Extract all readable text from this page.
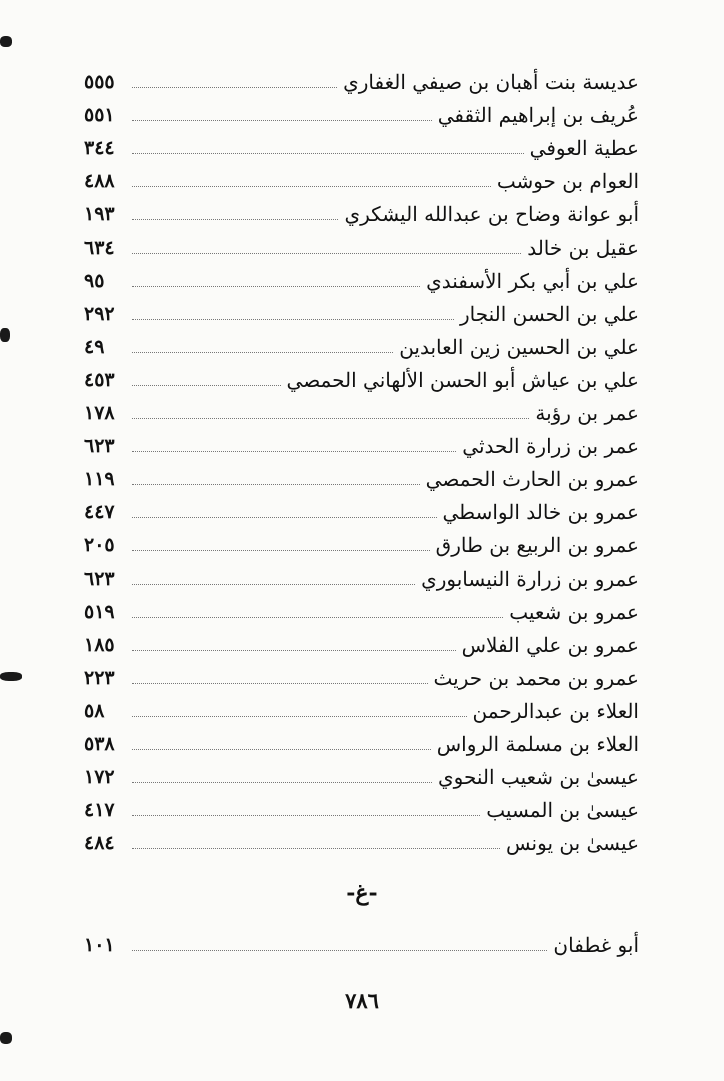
٥٥٥	عديسة بنت أهبان بن صيفي الغفاري
٥٥١	عُريف بن إبراهيم الثقفي
٣٤٤	عطية العوفي
٤٨٨	العوام بن حوشب
١٩٣	أبو عوانة وضاح بن عبدالله اليشكري
٦٣٤	عقيل بن خالد
٩٥	علي بن أبي بكر الأسفندي
٢٩٢	علي بن الحسن النجار
٤٩	علي بن الحسين زين العابدين
٤٥٣	علي بن عياش أبو الحسن الألهاني الحمصي
١٧٨	عمر بن رؤبة
٦٢٣	عمر بن زرارة الحدثي
١١٩	عمرو بن الحارث الحمصي
٤٤٧	عمرو بن خالد الواسطي
٢٠٥	عمرو بن الربيع بن طارق
٦٢٣	عمرو بن زرارة النيسابوري
٥١٩	عمرو بن شعيب
١٨٥	عمرو بن علي الفلاس
٢٢٣	عمرو بن محمد بن حريث
٥٨	العلاء بن عبدالرحمن
٥٣٨	العلاء بن مسلمة الرواس
١٧٢	عيسىٰ بن شعيب النحوي
٤١٧	عيسىٰ بن المسيب
٤٨٤	عيسىٰ بن يونس
-غ-
١٠١	أبو غطفان
٧٨٦
